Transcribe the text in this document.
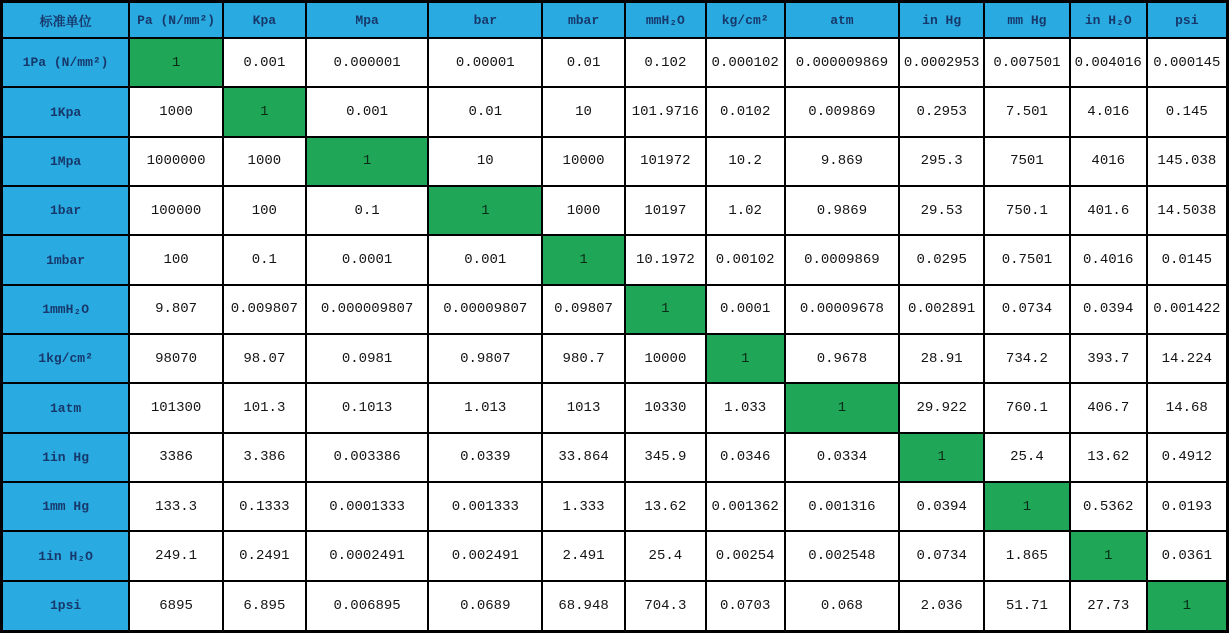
标准单位	Pa (N/mm²)	Kpa	Mpa	bar	mbar	mmH₂O	kg/cm²	atm	in Hg	mm Hg	in H₂O	psi
1Pa (N/mm²)	1	0.001	0.000001	0.00001	0.01	0.102	0.000102	0.000009869	0.0002953	0.007501	0.004016	0.000145
1Kpa	1000	1	0.001	0.01	10	101.9716	0.0102	0.009869	0.2953	7.501	4.016	0.145
1Mpa	1000000	1000	1	10	10000	101972	10.2	9.869	295.3	7501	4016	145.038
1bar	100000	100	0.1	1	1000	10197	1.02	0.9869	29.53	750.1	401.6	14.5038
1mbar	100	0.1	0.0001	0.001	1	10.1972	0.00102	0.0009869	0.0295	0.7501	0.4016	0.0145
1mmH₂O	9.807	0.009807	0.000009807	0.00009807	0.09807	1	0.0001	0.00009678	0.002891	0.0734	0.0394	0.001422
1kg/cm²	98070	98.07	0.0981	0.9807	980.7	10000	1	0.9678	28.91	734.2	393.7	14.224
1atm	101300	101.3	0.1013	1.013	1013	10330	1.033	1	29.922	760.1	406.7	14.68
1in Hg	3386	3.386	0.003386	0.0339	33.864	345.9	0.0346	0.0334	1	25.4	13.62	0.4912
1mm Hg	133.3	0.1333	0.0001333	0.001333	1.333	13.62	0.001362	0.001316	0.0394	1	0.5362	0.0193
1in H₂O	249.1	0.2491	0.0002491	0.002491	2.491	25.4	0.00254	0.002548	0.0734	1.865	1	0.0361
1psi	6895	6.895	0.006895	0.0689	68.948	704.3	0.0703	0.068	2.036	51.71	27.73	1
